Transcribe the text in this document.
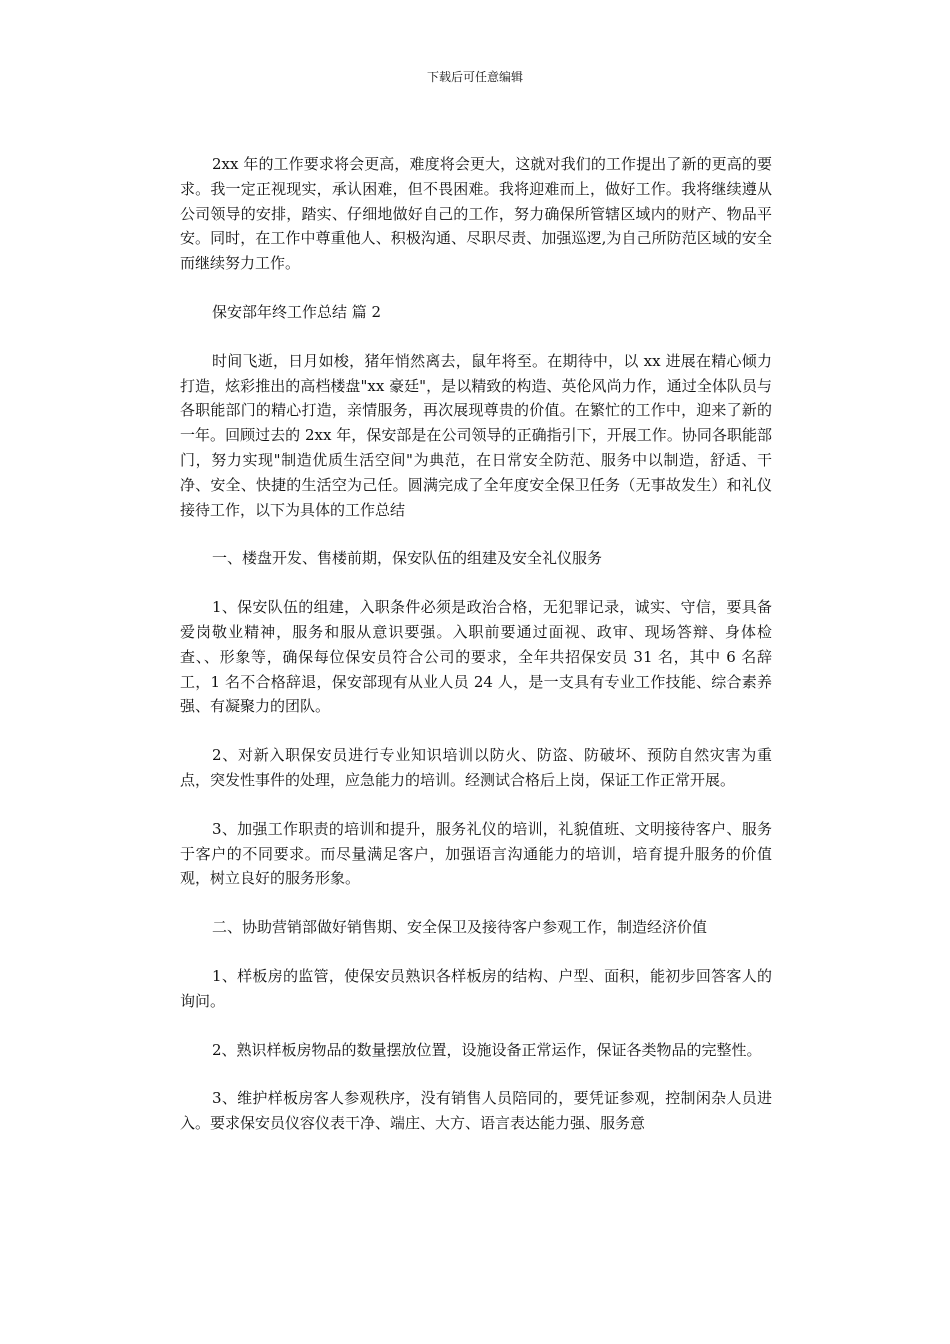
下载后可任意编辑

2xx 年的工作要求将会更高，难度将会更大，这就对我们的工作提出了新的更高的要求。我一定正视现实，承认困难，但不畏困难。我将迎难而上，做好工作。我将继续遵从公司领导的安排，踏实、仔细地做好自己的工作，努力确保所管辖区域内的财产、物品平安。同时，在工作中尊重他人、积极沟通、尽职尽责、加强巡逻,为自己所防范区域的安全而继续努力工作。

保安部年终工作总结 篇 2

时间飞逝，日月如梭，猪年悄然离去，鼠年将至。在期待中，以 xx 进展在精心倾力打造，炫彩推出的高档楼盘"xx 豪廷"，是以精致的构造、英伦风尚力作，通过全体队员与各职能部门的精心打造，亲情服务，再次展现尊贵的价值。在繁忙的工作中，迎来了新的一年。回顾过去的 2xx 年，保安部是在公司领导的正确指引下，开展工作。协同各职能部门，努力实现"制造优质生活空间"为典范，在日常安全防范、服务中以制造，舒适、干净、安全、快捷的生活空为己任。圆满完成了全年度安全保卫任务（无事故发生）和礼仪接待工作，以下为具体的工作总结

一、楼盘开发、售楼前期，保安队伍的组建及安全礼仪服务

1、保安队伍的组建，入职条件必须是政治合格，无犯罪记录，诚实、守信，要具备爱岗敬业精神，服务和服从意识要强。入职前要通过面视、政审、现场答辩、身体检查、、形象等，确保每位保安员符合公司的要求，全年共招保安员 31 名，其中 6 名辞工，1 名不合格辞退，保安部现有从业人员 24 人，是一支具有专业工作技能、综合素养强、有凝聚力的团队。

2、对新入职保安员进行专业知识培训以防火、防盗、防破坏、预防自然灾害为重点，突发性事件的处理，应急能力的培训。经测试合格后上岗，保证工作正常开展。

3、加强工作职责的培训和提升，服务礼仪的培训，礼貌值班、文明接待客户、服务于客户的不同要求。而尽量满足客户，加强语言沟通能力的培训，培育提升服务的价值观，树立良好的服务形象。

二、协助营销部做好销售期、安全保卫及接待客户参观工作，制造经济价值

1、样板房的监管，使保安员熟识各样板房的结构、户型、面积，能初步回答客人的询问。

2、熟识样板房物品的数量摆放位置，设施设备正常运作，保证各类物品的完整性。

3、维护样板房客人参观秩序，没有销售人员陪同的，要凭证参观，控制闲杂人员进入。要求保安员仪容仪表干净、端庄、大方、语言表达能力强、服务意
